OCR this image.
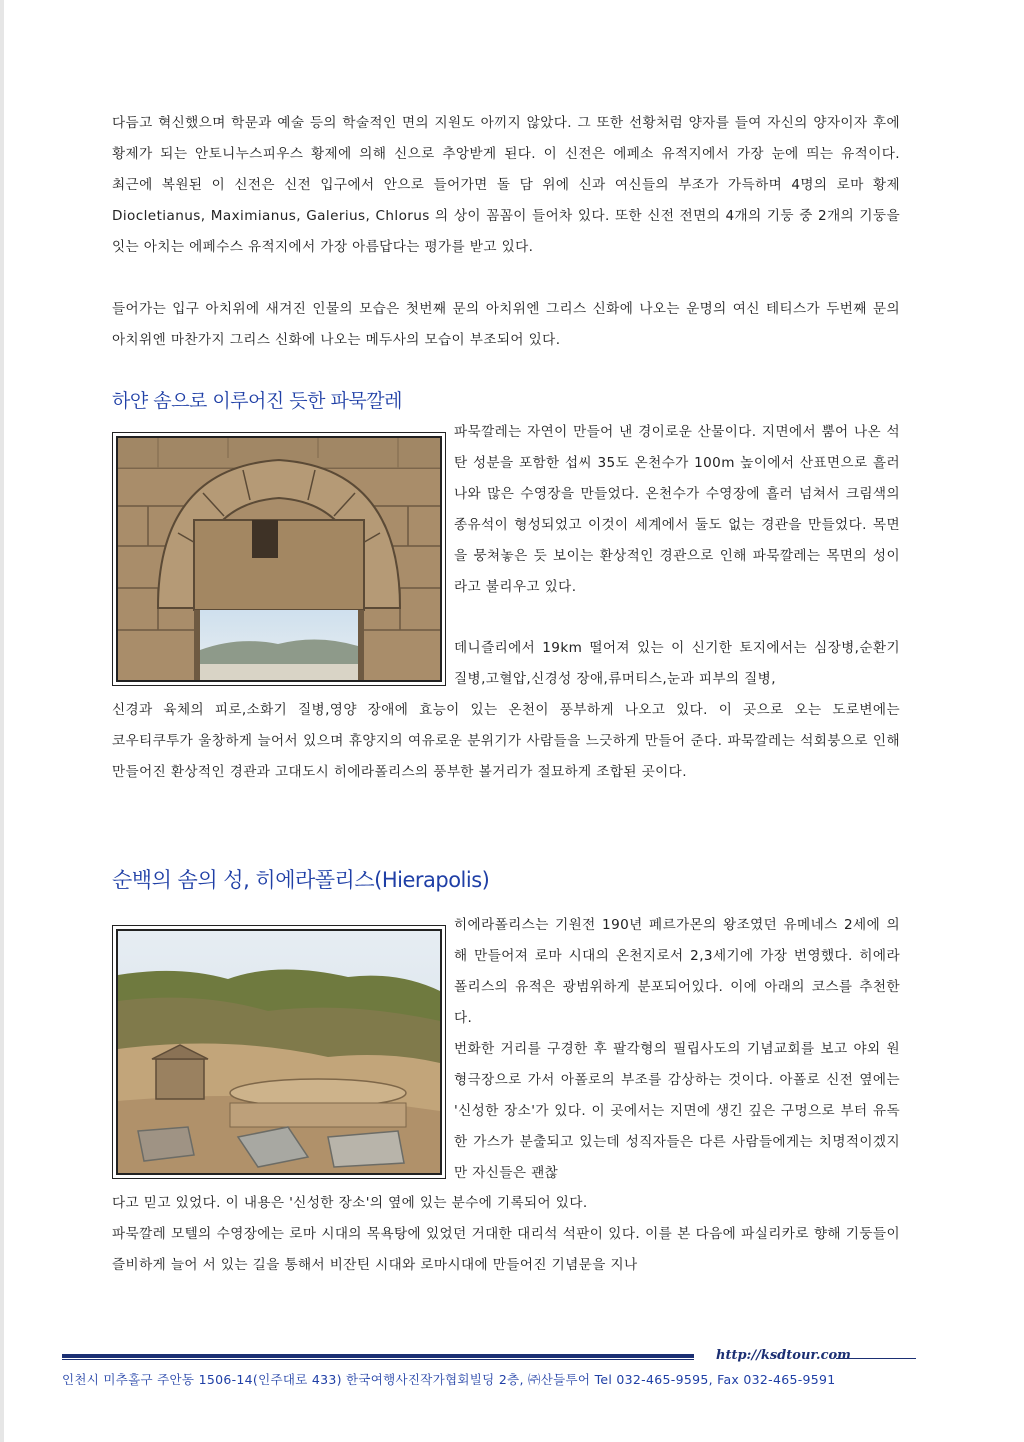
다듬고 혁신했으며 학문과 예술 등의 학술적인 면의 지원도 아끼지 않았다. 그 또한 선황처럼 양자를 들여 자신의 양자이자 후에 황제가 되는 안토니누스피우스 황제에 의해 신으로 추앙받게 된다. 이 신전은 에페소 유적지에서 가장 눈에 띄는 유적이다. 최근에 복원된 이 신전은 신전 입구에서 안으로 들어가면 돌 담 위에 신과 여신들의 부조가 가득하며 4명의 로마 황제 Diocletianus, Maximianus, Galerius, Chlorus 의 상이 꼼꼼이 들어차 있다. 또한 신전 전면의 4개의 기둥 중 2개의 기둥을 잇는 아치는 에페수스 유적지에서 가장 아름답다는 평가를 받고 있다.

들어가는 입구 아치위에 새겨진 인물의 모습은 첫번째 문의 아치위엔 그리스 신화에 나오는 운명의 여신 테티스가 두번째 문의 아치위엔 마찬가지 그리스 신화에 나오는 메두사의 모습이 부조되어 있다.

하얀 솜으로 이루어진 듯한 파묵깔레

파묵깔레는 자연이 만들어 낸 경이로운 산물이다. 지면에서 뿜어 나온 석탄 성분을 포함한 섭씨 35도 온천수가 100m 높이에서 산표면으로 흘러나와 많은 수영장을 만들었다. 온천수가 수영장에 흘러 넘쳐서 크림색의 종유석이 형성되었고 이것이 세계에서 둘도 없는 경관을 만들었다. 목면을 뭉쳐놓은 듯 보이는 환상적인 경관으로 인해 파묵깔레는 목면의 성이라고 불리우고 있다.

데니즐리에서 19km 떨어져 있는 이 신기한 토지에서는 심장병,순환기 질병,고혈압,신경성 장애,류머티스,눈과 피부의 질병,

신경과 육체의 피로,소화기 질병,영양 장애에 효능이 있는 온천이 풍부하게 나오고 있다. 이 곳으로 오는 도로변에는 코우티쿠투가 울창하게 늘어서 있으며 휴양지의 여유로운 분위기가 사람들을 느긋하게 만들어 준다. 파묵깔레는 석회붕으로 인해 만들어진 환상적인 경관과 고대도시 히에라폴리스의 풍부한 볼거리가 절묘하게 조합된 곳이다.

순백의 솜의 성, 히에라폴리스(Hierapolis)

히에라폴리스는 기원전 190년 페르가몬의 왕조였던 유메네스 2세에 의해 만들어져 로마 시대의 온천지로서 2,3세기에 가장 번영했다. 히에라 폴리스의 유적은 광범위하게 분포되어있다. 이에 아래의 코스를 추천한다.

번화한 거리를 구경한 후 팔각형의 필립사도의 기념교회를 보고 야외 원형극장으로 가서 아폴로의 부조를 감상하는 것이다. 아폴로 신전 옆에는 '신성한 장소'가 있다. 이 곳에서는 지면에 생긴 깊은 구멍으로 부터 유독한 가스가 분출되고 있는데 성직자들은 다른 사람들에게는 치명적이겠지만 자신들은 괜찮

다고 믿고 있었다. 이 내용은 '신성한 장소'의 옆에 있는 분수에 기록되어 있다.

파묵깔레 모텔의 수영장에는 로마 시대의 목욕탕에 있었던 거대한 대리석 석판이 있다. 이를 본 다음에 파실리카로 향해 기둥들이 즐비하게 늘어 서 있는 길을 통해서 비잔틴 시대와 로마시대에 만들어진 기념문을 지나

http://ksdtour.com
인천시 미추홀구 주안동 1506-14(인주대로 433) 한국여행사진작가협회빌딩 2층, ㈜산들투어 Tel 032-465-9595, Fax 032-465-9591
